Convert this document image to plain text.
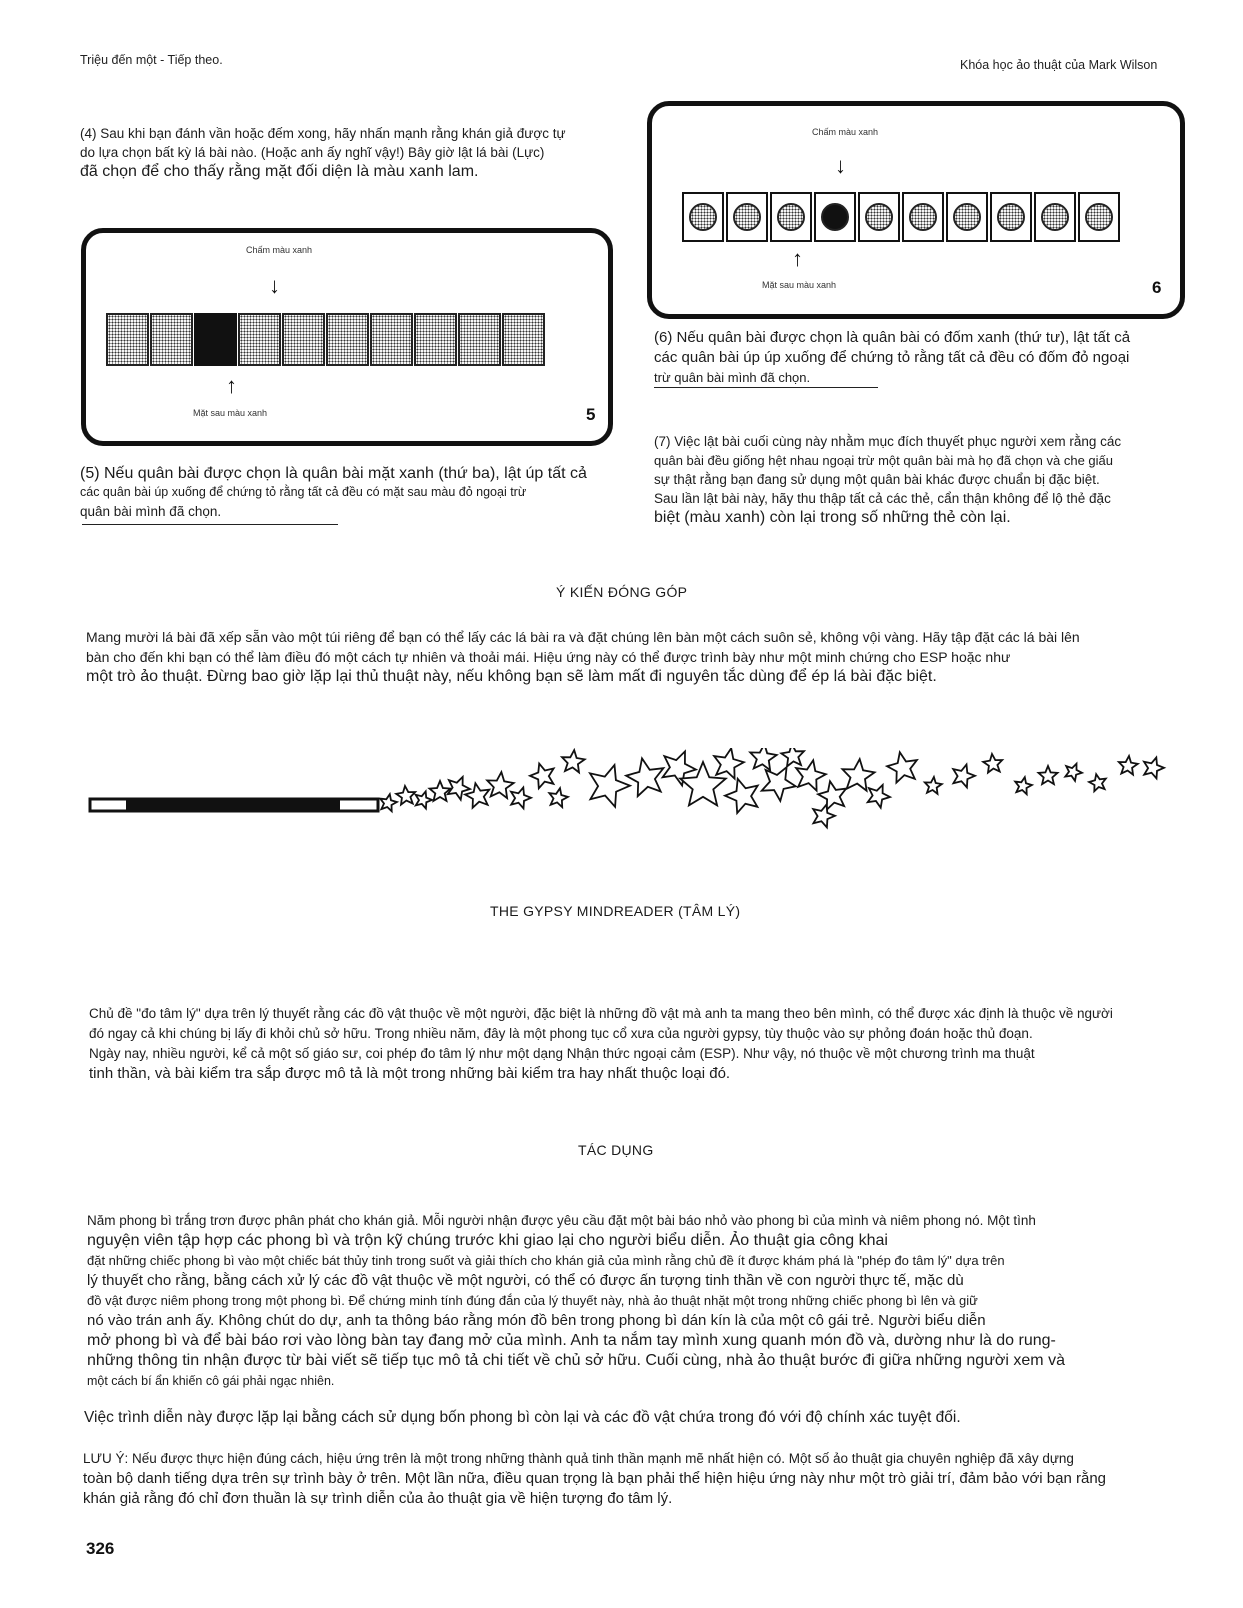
Triệu đến một - Tiếp theo.	Khóa học ảo thuật của Mark Wilson
(4) Sau khi bạn đánh vần hoặc đếm xong, hãy nhấn mạnh rằng khán giả được tự
do lựa chọn bất kỳ lá bài nào. (Hoặc anh ấy nghĩ vậy!) Bây giờ lật lá bài (Lực)
đã chọn để cho thấy rằng mặt đối diện là màu xanh lam.
Chấm màu xanh
↓
↑
Mặt sau màu xanh	5
(5) Nếu quân bài được chọn là quân bài mặt xanh (thứ ba), lật úp tất cả
các quân bài úp xuống để chứng tỏ rằng tất cả đều có mặt sau màu đỏ ngoại trừ
quân bài mình đã chọn.
Chấm màu xanh
↓
↑
Mặt sau màu xanh	6
(6) Nếu quân bài được chọn là quân bài có đốm xanh (thứ tư), lật tất cả
các quân bài úp úp xuống để chứng tỏ rằng tất cả đều có đốm đỏ ngoại
trừ quân bài mình đã chọn.
(7) Việc lật bài cuối cùng này nhằm mục đích thuyết phục người xem rằng các
quân bài đều giống hệt nhau ngoại trừ một quân bài mà họ đã chọn và che giấu
sự thật rằng bạn đang sử dụng một quân bài khác được chuẩn bị đặc biệt.
Sau lần lật bài này, hãy thu thập tất cả các thẻ, cẩn thận không để lộ thẻ đặc
biệt (màu xanh) còn lại trong số những thẻ còn lại.
Ý KIẾN ĐÓNG GÓP
Mang mười lá bài đã xếp sẵn vào một túi riêng để bạn có thể lấy các lá bài ra và đặt chúng lên bàn một cách suôn sẻ, không vội vàng. Hãy tập đặt các lá bài lên
bàn cho đến khi bạn có thể làm điều đó một cách tự nhiên và thoải mái. Hiệu ứng này có thể được trình bày như một minh chứng cho ESP hoặc như
một trò ảo thuật. Đừng bao giờ lặp lại thủ thuật này, nếu không bạn sẽ làm mất đi nguyên tắc dùng để ép lá bài đặc biệt.
THE GYPSY MINDREADER (TÂM LÝ)
Chủ đề "đo tâm lý" dựa trên lý thuyết rằng các đồ vật thuộc về một người, đặc biệt là những đồ vật mà anh ta mang theo bên mình, có thể được xác định là thuộc về người
đó ngay cả khi chúng bị lấy đi khỏi chủ sở hữu. Trong nhiều năm, đây là một phong tục cổ xưa của người gypsy, tùy thuộc vào sự phỏng đoán hoặc thủ đoạn.
Ngày nay, nhiều người, kể cả một số giáo sư, coi phép đo tâm lý như một dạng Nhận thức ngoại cảm (ESP). Như vậy, nó thuộc về một chương trình ma thuật
tinh thần, và bài kiểm tra sắp được mô tả là một trong những bài kiểm tra hay nhất thuộc loại đó.
TÁC DỤNG
Năm phong bì trắng trơn được phân phát cho khán giả. Mỗi người nhận được yêu cầu đặt một bài báo nhỏ vào phong bì của mình và niêm phong nó. Một tình
nguyện viên tập hợp các phong bì và trộn kỹ chúng trước khi giao lại cho người biểu diễn. Ảo thuật gia công khai
đặt những chiếc phong bì vào một chiếc bát thủy tinh trong suốt và giải thích cho khán giả của mình rằng chủ đề ít được khám phá là "phép đo tâm lý" dựa trên
lý thuyết cho rằng, bằng cách xử lý các đồ vật thuộc về một người, có thể có được ấn tượng tinh thần về con người thực tế, mặc dù
đồ vật được niêm phong trong một phong bì. Để chứng minh tính đúng đắn của lý thuyết này, nhà ảo thuật nhặt một trong những chiếc phong bì lên và giữ
nó vào trán anh ấy. Không chút do dự, anh ta thông báo rằng món đồ bên trong phong bì dán kín là của một cô gái trẻ. Người biểu diễn
mở phong bì và để bài báo rơi vào lòng bàn tay đang mở của mình. Anh ta nắm tay mình xung quanh món đồ và, dường như là do rung-
những thông tin nhận được từ bài viết sẽ tiếp tục mô tả chi tiết về chủ sở hữu. Cuối cùng, nhà ảo thuật bước đi giữa những người xem và
một cách bí ẩn khiến cô gái phải ngạc nhiên.
Việc trình diễn này được lặp lại bằng cách sử dụng bốn phong bì còn lại và các đồ vật chứa trong đó với độ chính xác tuyệt đối.
LƯU Ý: Nếu được thực hiện đúng cách, hiệu ứng trên là một trong những thành quả tinh thần mạnh mẽ nhất hiện có. Một số ảo thuật gia chuyên nghiệp đã xây dựng
toàn bộ danh tiếng dựa trên sự trình bày ở trên. Một lần nữa, điều quan trọng là bạn phải thể hiện hiệu ứng này như một trò giải trí, đảm bảo với bạn rằng
khán giả rằng đó chỉ đơn thuần là sự trình diễn của ảo thuật gia về hiện tượng đo tâm lý.
326
